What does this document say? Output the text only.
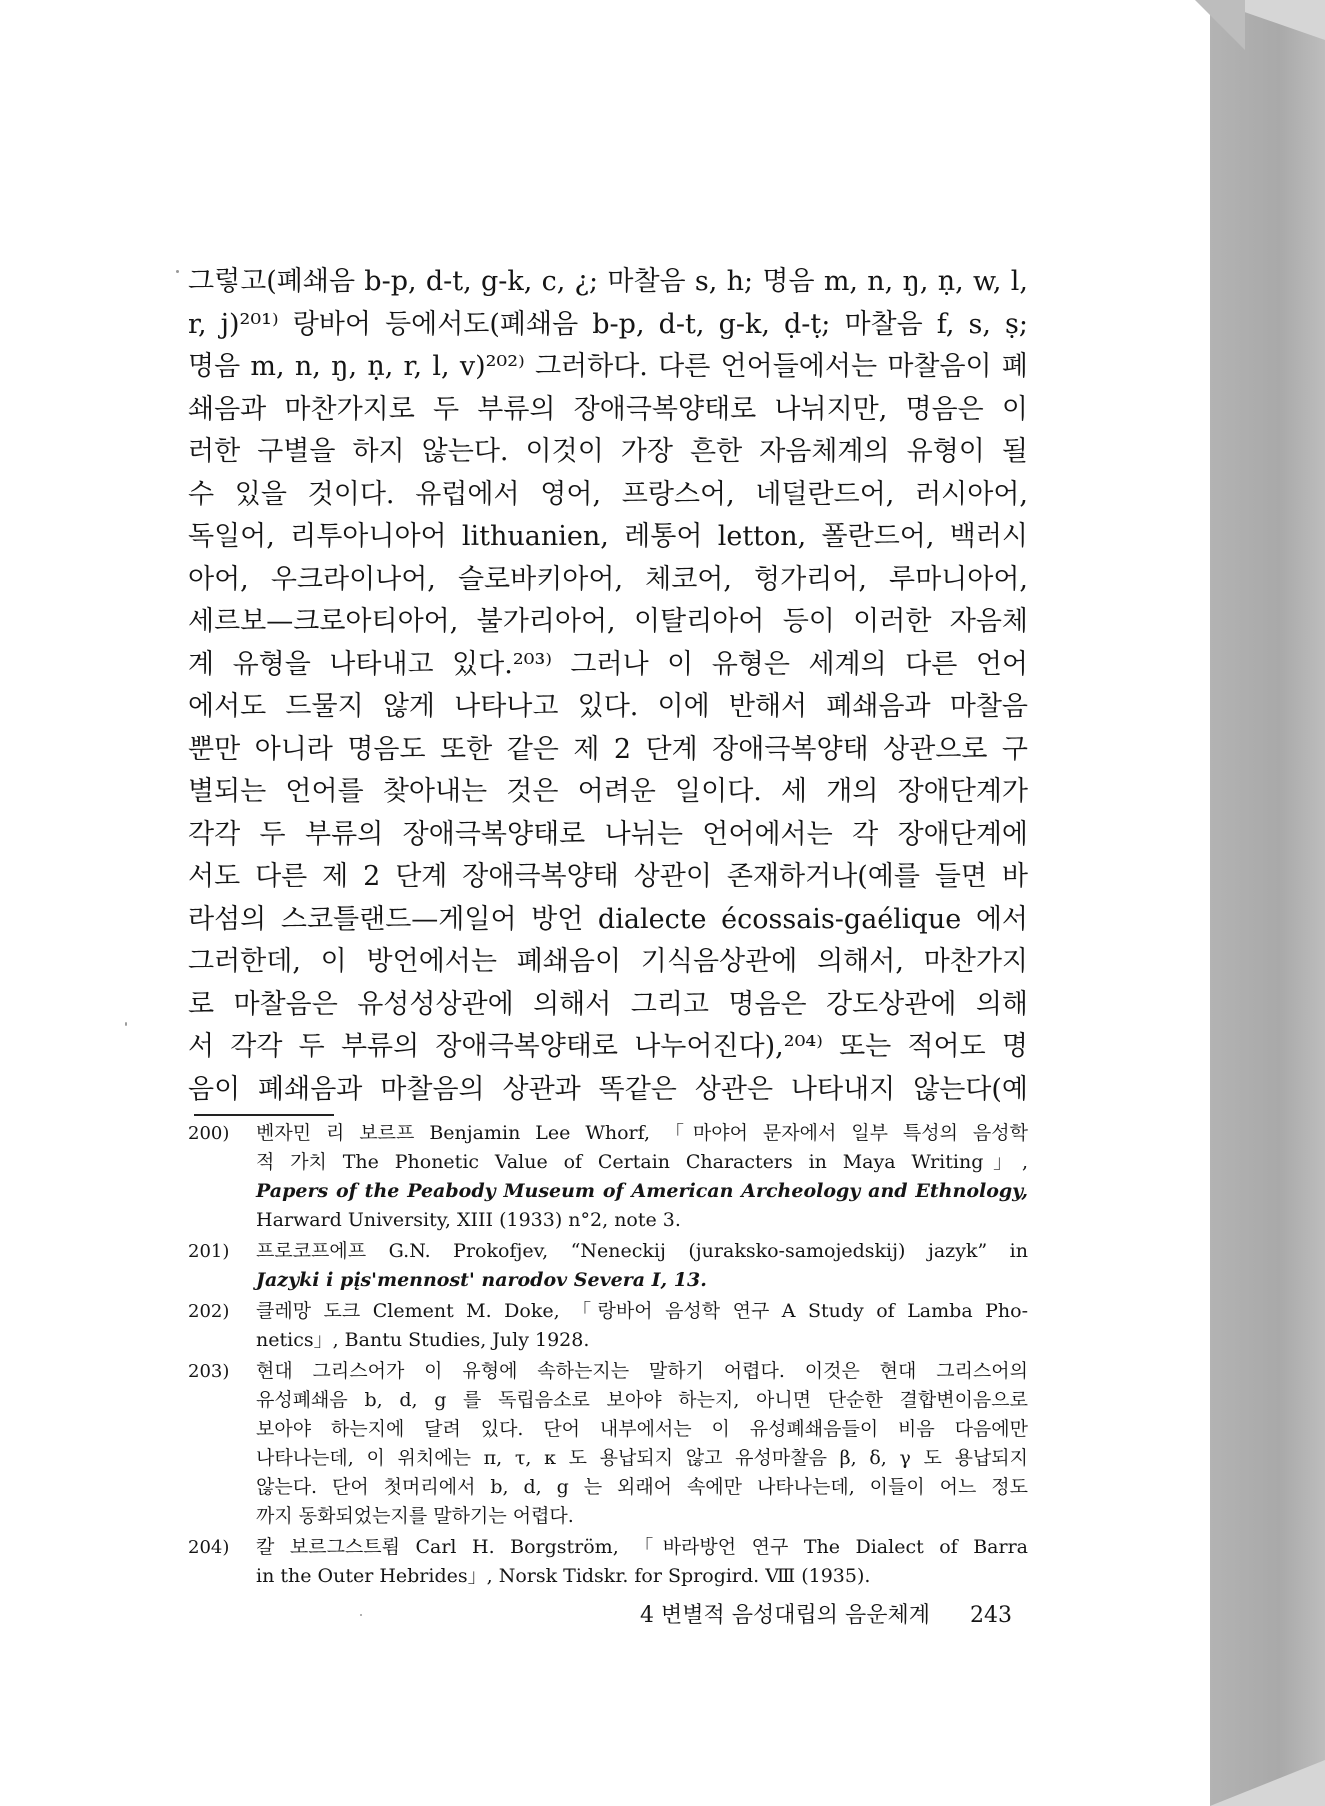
그렇고(폐쇄음 b-p, d-t, g-k, c, ¿; 마찰음 s, h; 명음 m, n, ŋ, ṇ, w, l,
r, j)²⁰¹⁾ 랑바어 등에서도(폐쇄음 b-p, d-t, g-k, ḍ-ṭ; 마찰음 f, s, ṣ;
명음 m, n, ŋ, ṇ, r, l, v)²⁰²⁾ 그러하다. 다른 언어들에서는 마찰음이 폐
쇄음과 마찬가지로 두 부류의 장애극복양태로 나뉘지만, 명음은 이
러한 구별을 하지 않는다. 이것이 가장 흔한 자음체계의 유형이 될
수 있을 것이다. 유럽에서 영어, 프랑스어, 네덜란드어, 러시아어,
독일어, 리투아니아어 lithuanien, 레통어 letton, 폴란드어, 백러시
아어, 우크라이나어, 슬로바키아어, 체코어, 헝가리어, 루마니아어,
세르보—크로아티아어, 불가리아어, 이탈리아어 등이 이러한 자음체
계 유형을 나타내고 있다.²⁰³⁾ 그러나 이 유형은 세계의 다른 언어
에서도 드물지 않게 나타나고 있다. 이에 반해서 폐쇄음과 마찰음
뿐만 아니라 명음도 또한 같은 제 2 단계 장애극복양태 상관으로 구
별되는 언어를 찾아내는 것은 어려운 일이다. 세 개의 장애단계가
각각 두 부류의 장애극복양태로 나뉘는 언어에서는 각 장애단계에
서도 다른 제 2 단계 장애극복양태 상관이 존재하거나(예를 들면 바
라섬의 스코틀랜드—게일어 방언 dialecte écossais-gaélique 에서
그러한데, 이 방언에서는 폐쇄음이 기식음상관에 의해서, 마찬가지
로 마찰음은 유성성상관에 의해서 그리고 명음은 강도상관에 의해
서 각각 두 부류의 장애극복양태로 나누어진다),²⁰⁴⁾ 또는 적어도 명
음이 폐쇄음과 마찰음의 상관과 똑같은 상관은 나타내지 않는다(예
200)	벤자민 리 보르프 Benjamin Lee Whorf, 「마야어 문자에서 일부 특성의 음성학
적 가치 The Phonetic Value of Certain Characters in Maya Writing」,
Papers of the Peabody Museum of American Archeology and Ethnology,
Harward University, XIII (1933) n°2, note 3.
201)	프로코프에프 G.N. Prokofjev, “Neneckij (juraksko-samojedskij) jazyk” in
Jazyki i pįs'mennost' narodov Severa Ⅰ, 13.
202)	클레망 도크 Clement M. Doke, 「랑바어 음성학 연구 A Study of Lamba Pho-
netics」, Bantu Studies, July 1928.
203)	현대 그리스어가 이 유형에 속하는지는 말하기 어렵다. 이것은 현대 그리스어의
유성폐쇄음 b, d, g 를 독립음소로 보아야 하는지, 아니면 단순한 결합변이음으로
보아야 하는지에 달려 있다. 단어 내부에서는 이 유성폐쇄음들이 비음 다음에만
나타나는데, 이 위치에는 π, τ, κ 도 용납되지 않고 유성마찰음 β, δ, γ 도 용납되지
않는다. 단어 첫머리에서 b, d, g 는 외래어 속에만 나타나는데, 이들이 어느 정도
까지 동화되었는지를 말하기는 어렵다.
204)	칼 보르그스트룀 Carl H. Borgström, 「바라방언 연구 The Dialect of Barra
in the Outer Hebrides」, Norsk Tidskr. for Sprogird. Ⅷ (1935).
4 변별적 음성대립의 음운체계 243
